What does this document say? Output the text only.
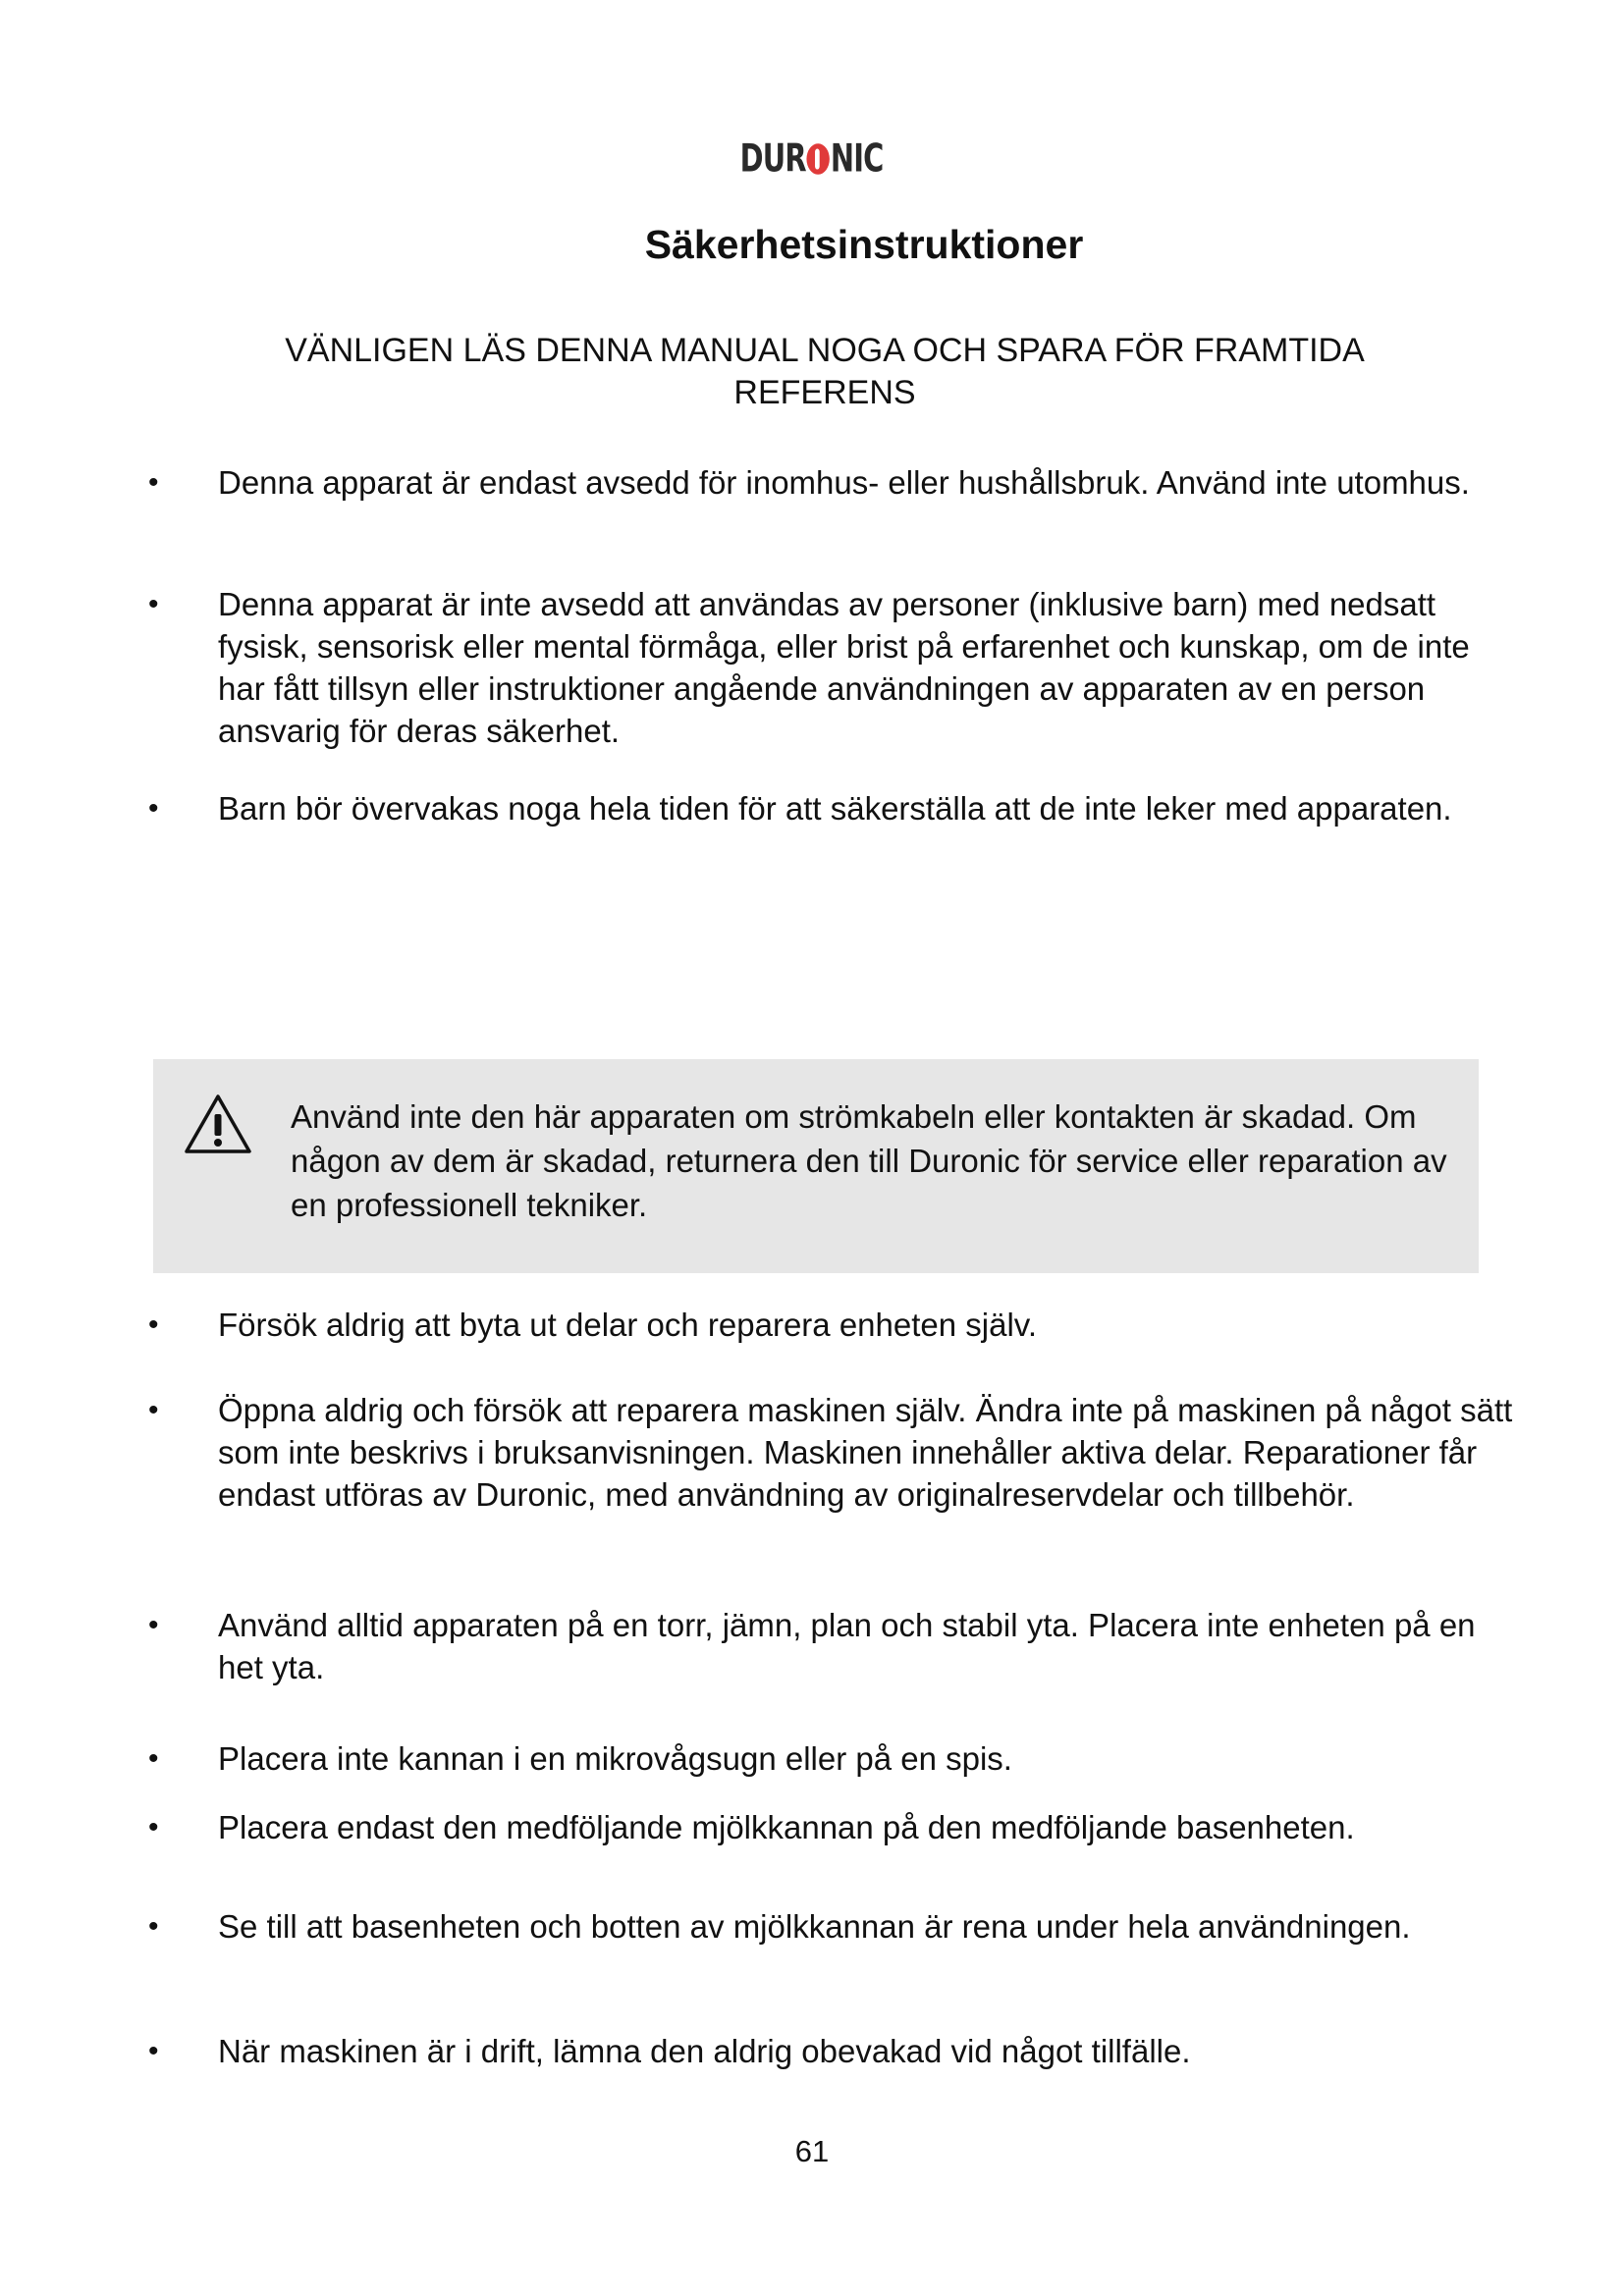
DUR NIC
Säkerhetsinstruktioner
VÄNLIGEN LÄS DENNA MANUAL NOGA OCH SPARA FÖR FRAMTIDA REFERENS
• Denna apparat är endast avsedd för inomhus- eller hushållsbruk. Använd inte utomhus.
• Denna apparat är inte avsedd att användas av personer (inklusive barn) med nedsatt fysisk, sensorisk eller mental förmåga, eller brist på erfarenhet och kunskap, om de inte har fått tillsyn eller instruktioner angående användningen av apparaten av en person ansvarig för deras säkerhet.
• Barn bör övervakas noga hela tiden för att säkerställa att de inte leker med apparaten.
Använd inte den här apparaten om strömkabeln eller kontakten är skadad. Om någon av dem är skadad, returnera den till Duronic för service eller reparation av en professionell tekniker.
• Försök aldrig att byta ut delar och reparera enheten själv.
• Öppna aldrig och försök att reparera maskinen själv. Ändra inte på maskinen på något sätt som inte beskrivs i bruksanvisningen. Maskinen innehåller aktiva delar. Reparationer får endast utföras av Duronic, med användning av originalreservdelar och tillbehör.
• Använd alltid apparaten på en torr, jämn, plan och stabil yta. Placera inte enheten på en het yta.
• Placera inte kannan i en mikrovågsugn eller på en spis.
• Placera endast den medföljande mjölkkannan på den medföljande basenheten.
• Se till att basenheten och botten av mjölkkannan är rena under hela användningen.
• När maskinen är i drift, lämna den aldrig obevakad vid något tillfälle.
61
